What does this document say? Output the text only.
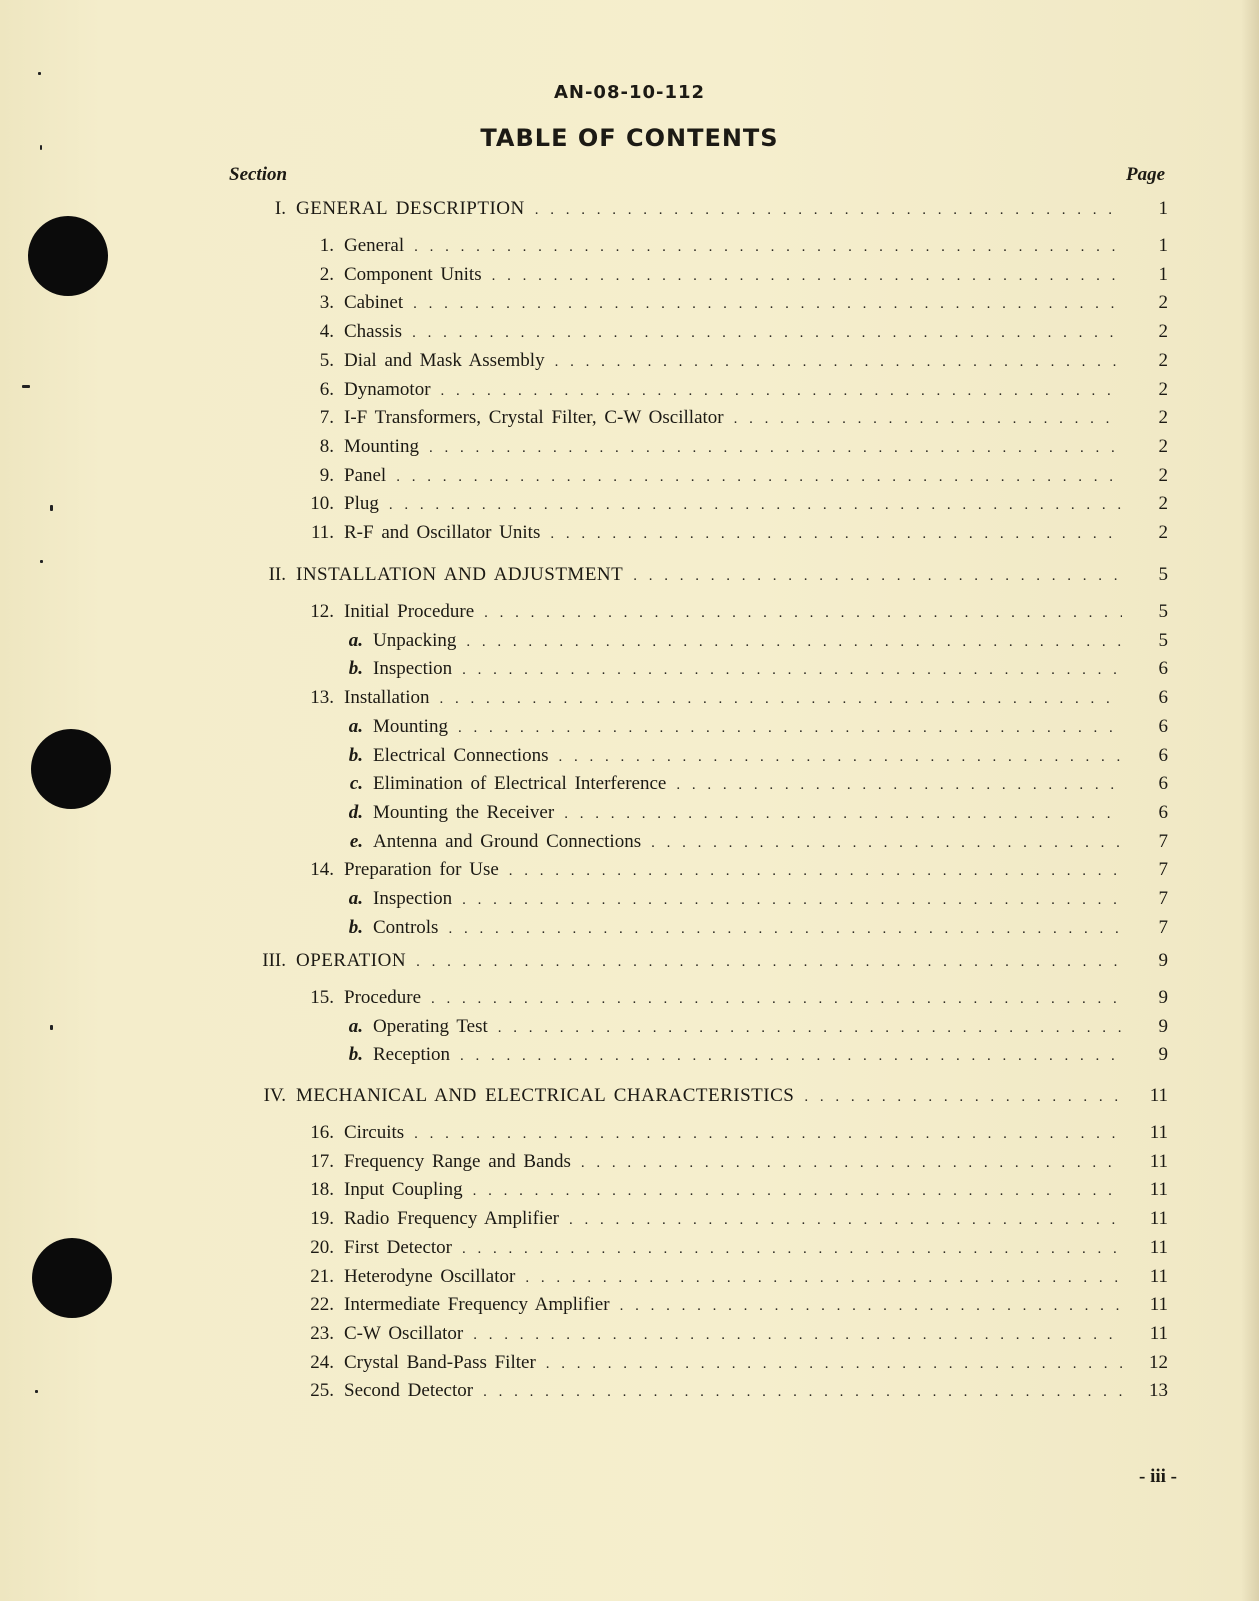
AN-08-10-112
TABLE OF CONTENTS
Section	Page
I. GENERAL DESCRIPTION . . .	1
1. General . . .	1
2. Component Units . . .	1
3. Cabinet . . .	2
4. Chassis . . .	2
5. Dial and Mask Assembly . . .	2
6. Dynamotor . . .	2
7. I-F Transformers, Crystal Filter, C-W Oscillator . . .	2
8. Mounting . . .	2
9. Panel . . .	2
10. Plug . . .	2
11. R-F and Oscillator Units . . .	2
II. INSTALLATION AND ADJUSTMENT . . .	5
12. Initial Procedure . . .	5
a. Unpacking . . .	5
b. Inspection . . .	6
13. Installation . . .	6
a. Mounting . . .	6
b. Electrical Connections . . .	6
c. Elimination of Electrical Interference . . .	6
d. Mounting the Receiver . . .	6
e. Antenna and Ground Connections . . .	7
14. Preparation for Use . . .	7
a. Inspection . . .	7
b. Controls . . .	7
III. OPERATION . . .	9
15. Procedure . . .	9
a. Operating Test . . .	9
b. Reception . . .	9
IV. MECHANICAL AND ELECTRICAL CHARACTERISTICS . . .	11
16. Circuits . . .	11
17. Frequency Range and Bands . . .	11
18. Input Coupling . . .	11
19. Radio Frequency Amplifier . . .	11
20. First Detector . . .	11
21. Heterodyne Oscillator . . .	11
22. Intermediate Frequency Amplifier . . .	11
23. C-W Oscillator . . .	11
24. Crystal Band-Pass Filter . . .	12
25. Second Detector . . .	13
- iii -
